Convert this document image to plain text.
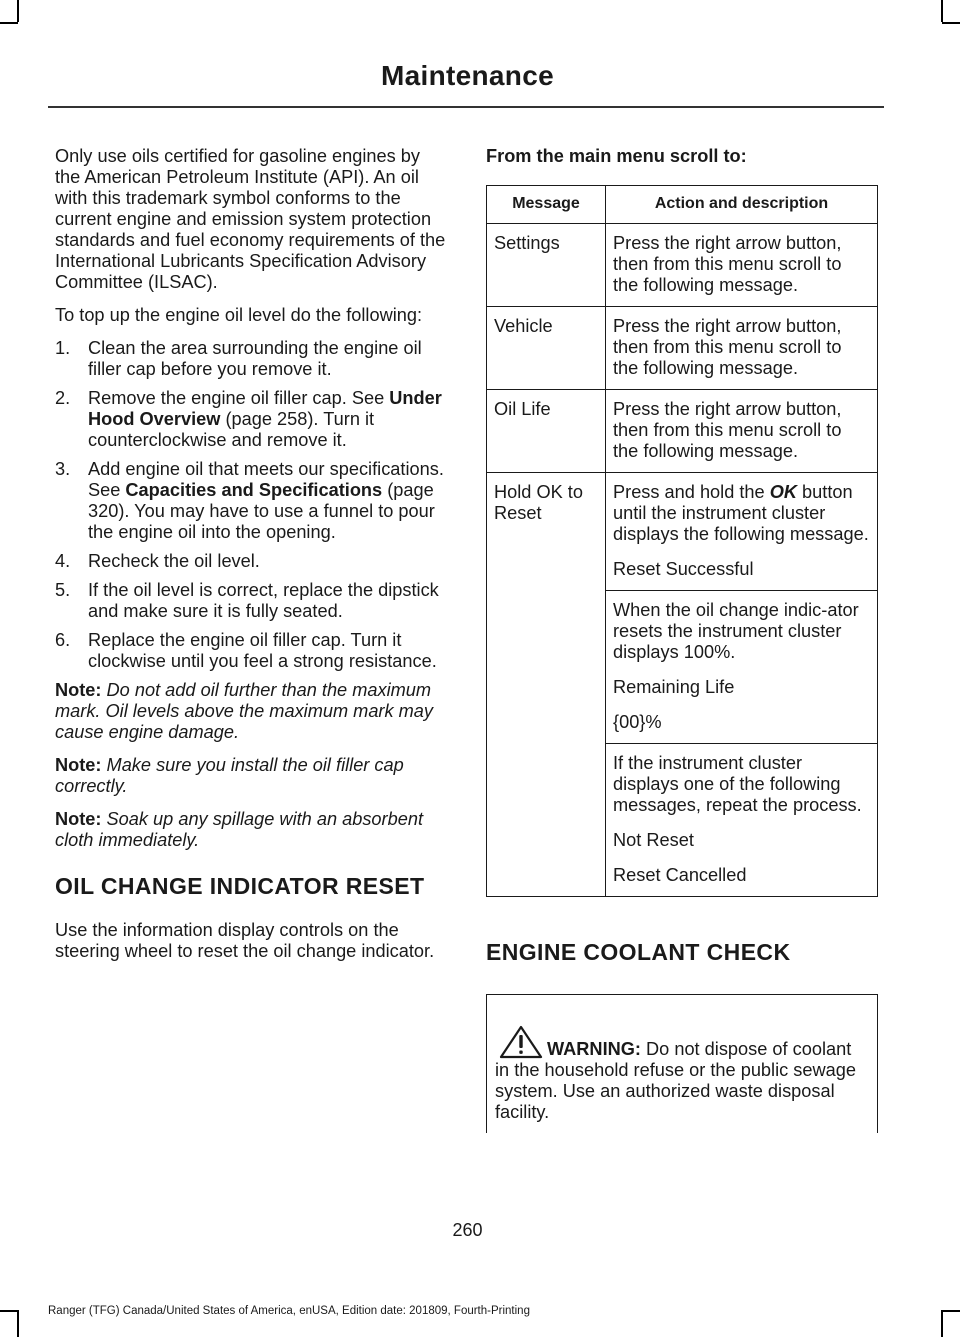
Maintenance

Only use oils certified for gasoline engines by the American Petroleum Institute (API). An oil with this trademark symbol conforms to the current engine and emission system protection standards and fuel economy requirements of the International Lubricants Specification Advisory Committee (ILSAC).

To top up the engine oil level do the following:

1. Clean the area surrounding the engine oil filler cap before you remove it.
2. Remove the engine oil filler cap. See Under Hood Overview (page 258). Turn it counterclockwise and remove it.
3. Add engine oil that meets our specifications. See Capacities and Specifications (page 320). You may have to use a funnel to pour the engine oil into the opening.
4. Recheck the oil level.
5. If the oil level is correct, replace the dipstick and make sure it is fully seated.
6. Replace the engine oil filler cap. Turn it clockwise until you feel a strong resistance.

Note: Do not add oil further than the maximum mark. Oil levels above the maximum mark may cause engine damage.

Note: Make sure you install the oil filler cap correctly.

Note: Soak up any spillage with an absorbent cloth immediately.

OIL CHANGE INDICATOR RESET

Use the information display controls on the steering wheel to reset the oil change indicator.

From the main menu scroll to:

Message	Action and description
Settings	Press the right arrow button, then from this menu scroll to the following message.
Vehicle	Press the right arrow button, then from this menu scroll to the following message.
Oil Life	Press the right arrow button, then from this menu scroll to the following message.
Hold OK to Reset	Press and hold the OK button until the instrument cluster displays the following message.

Reset Successful

	When the oil change indic-ator resets the instrument cluster displays 100%.

Remaining Life

{00}%

	If the instrument cluster displays one of the following messages, repeat the process.

Not Reset

Reset Cancelled

ENGINE COOLANT CHECK
WARNING: Do not dispose of coolant in the household refuse or the public sewage system. Use an authorized waste disposal facility.
260
Ranger (TFG) Canada/United States of America, enUSA, Edition date: 201809, Fourth-Printing
